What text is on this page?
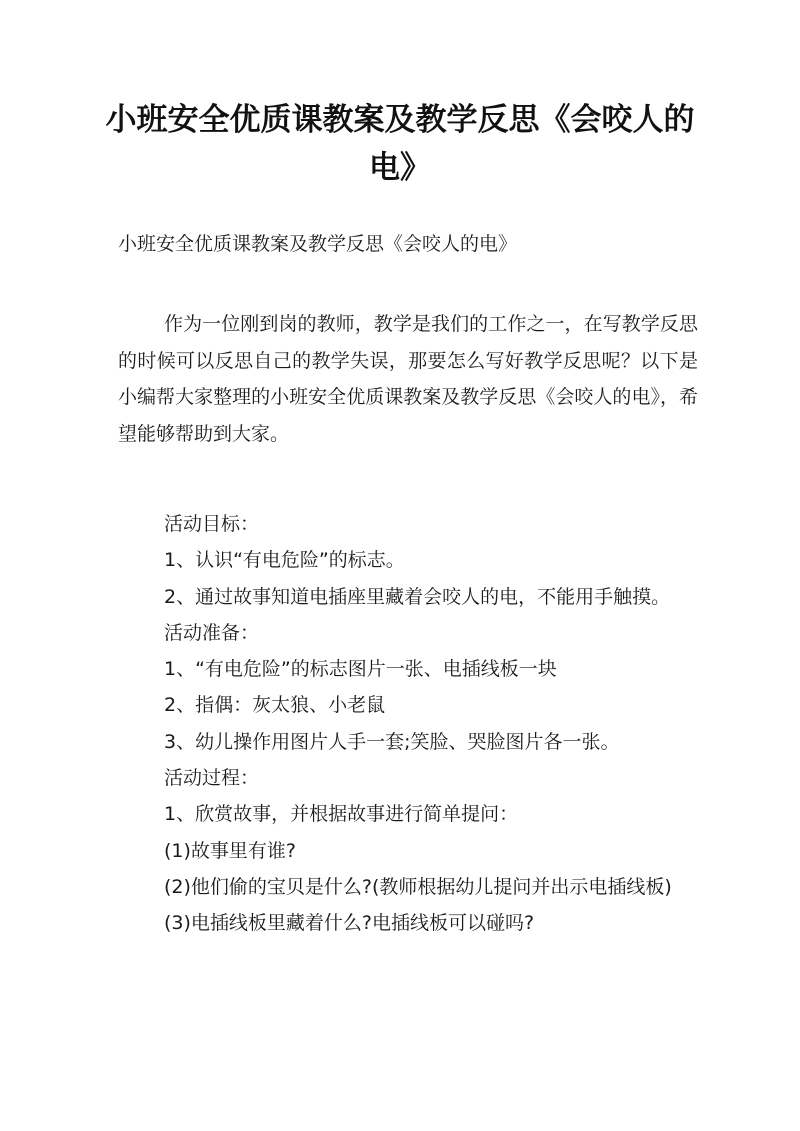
小班安全优质课教案及教学反思《会咬人的电》

小班安全优质课教案及教学反思《会咬人的电》

作为一位刚到岗的教师，教学是我们的工作之一，在写教学反思的时候可以反思自己的教学失误，那要怎么写好教学反思呢？以下是小编帮大家整理的小班安全优质课教案及教学反思《会咬人的电》，希望能够帮助到大家。

活动目标：

1、认识“有电危险”的标志。

2、通过故事知道电插座里藏着会咬人的电，不能用手触摸。

活动准备：

1、“有电危险”的标志图片一张、电插线板一块

2、指偶：灰太狼、小老鼠

3、幼儿操作用图片人手一套;笑脸、哭脸图片各一张。

活动过程：

1、欣赏故事，并根据故事进行简单提问：

(1)故事里有谁?

(2)他们偷的宝贝是什么?(教师根据幼儿提问并出示电插线板)

(3)电插线板里藏着什么?电插线板可以碰吗?
